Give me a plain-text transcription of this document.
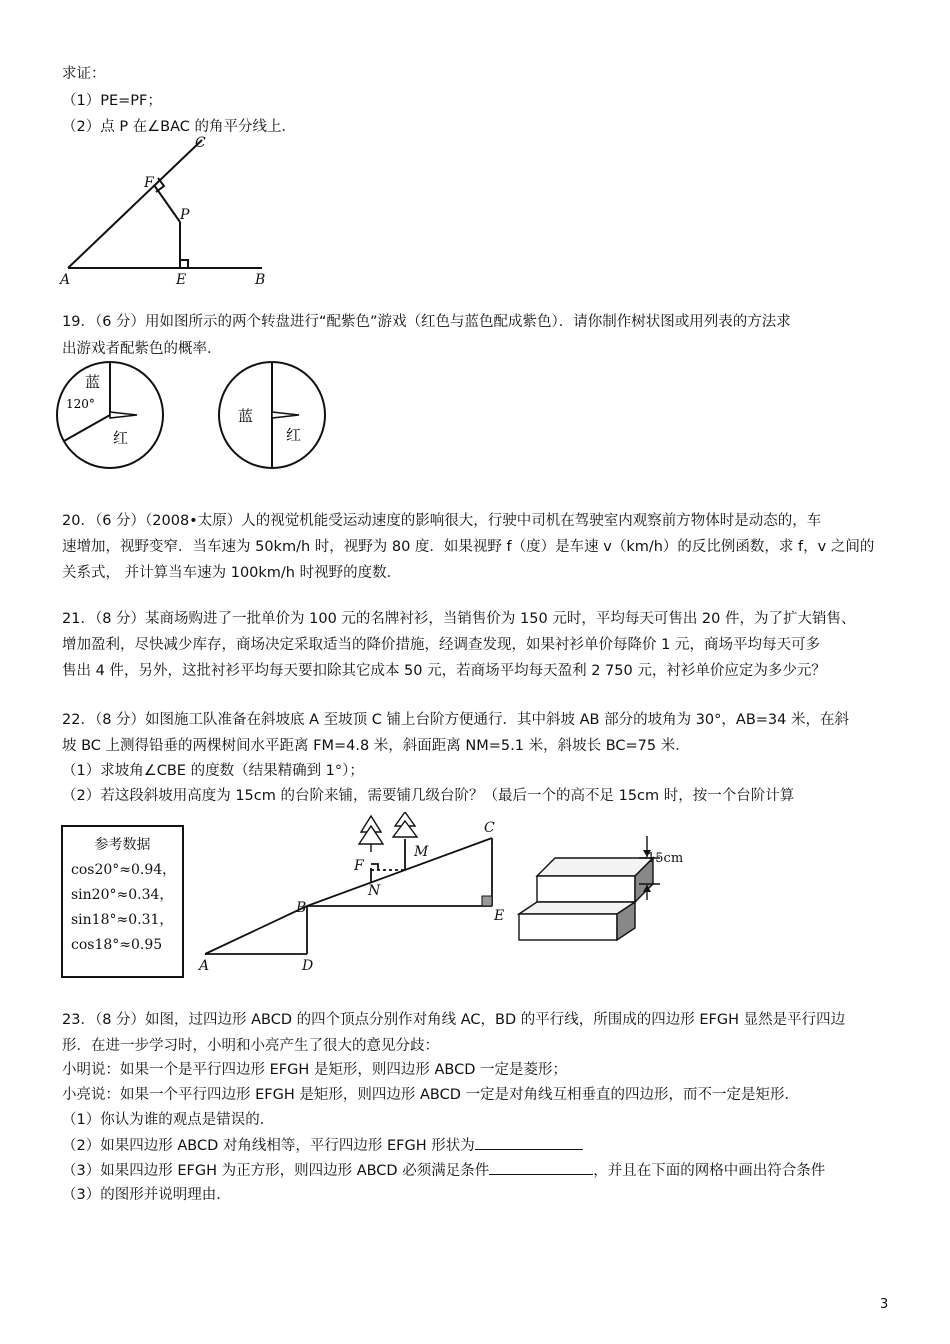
求证：
（1）PE=PF；
（2）点 P 在∠BAC 的角平分线上．
A	B
C
E
F
P
19．（6 分）用如图所示的两个转盘进行“配紫色”游戏（红色与蓝色配成紫色）．请你制作树状图或用列表的方法求
出游戏者配紫色的概率．
蓝
120°
红
蓝
红
20．（6 分）（2008•太原）人的视觉机能受运动速度的影响很大，行驶中司机在驾驶室内观察前方物体时是动态的，车
速增加，视野变窄．当车速为 50km/h 时，视野为 80 度．如果视野 f（度）是车速 v（km/h）的反比例函数，求 f，v 之间的
关系式， 并计算当车速为 100km/h 时视野的度数．
21．（8 分）某商场购进了一批单价为 100 元的名牌衬衫，当销售价为 150 元时，平均每天可售出 20 件，为了扩大销售、
增加盈利，尽快减少库存，商场决定采取适当的降价措施，经调查发现，如果衬衫单价每降价 1 元，商场平均每天可多
售出 4 件，另外，这批衬衫平均每天要扣除其它成本 50 元，若商场平均每天盈利 2 750 元，衬衫单价应定为多少元？
22．（8 分）如图施工队准备在斜坡底 A 至坡顶 C 铺上台阶方便通行．其中斜坡 AB 部分的坡角为 30°，AB=34 米，在斜
坡 BC 上测得铅垂的两棵树间水平距离 FM=4.8 米，斜面距离 NM=5.1 米，斜坡长 BC=75 米．
（1）求坡角∠CBE 的度数（结果精确到 1°）；
（2）若这段斜坡用高度为 15cm 的台阶来铺，需要铺几级台阶？（最后一个的高不足 15cm 时，按一个台阶计算
参考数据
cos20°≈0.94，
sin20°≈0.34，
sin18°≈0.31，
cos18°≈0.95
A
B
C
D
E
F
M
N
15cm
23．（8 分）如图，过四边形 ABCD 的四个顶点分别作对角线 AC，BD 的平行线，所围成的四边形 EFGH 显然是平行四边
形．在进一步学习时，小明和小亮产生了很大的意见分歧：
小明说：如果一个是平行四边形 EFGH 是矩形，则四边形 ABCD 一定是菱形；
小亮说：如果一个平行四边形 EFGH 是矩形，则四边形 ABCD 一定是对角线互相垂直的四边形，而不一定是矩形．
（1）你认为谁的观点是错误的．
（2）如果四边形 ABCD 对角线相等，平行四边形 EFGH 形状为
（3）如果四边形 EFGH 为正方形，则四边形 ABCD 必须满足条件	，并且在下面的网格中画出符合条件
（3）的图形并说明理由．
3
